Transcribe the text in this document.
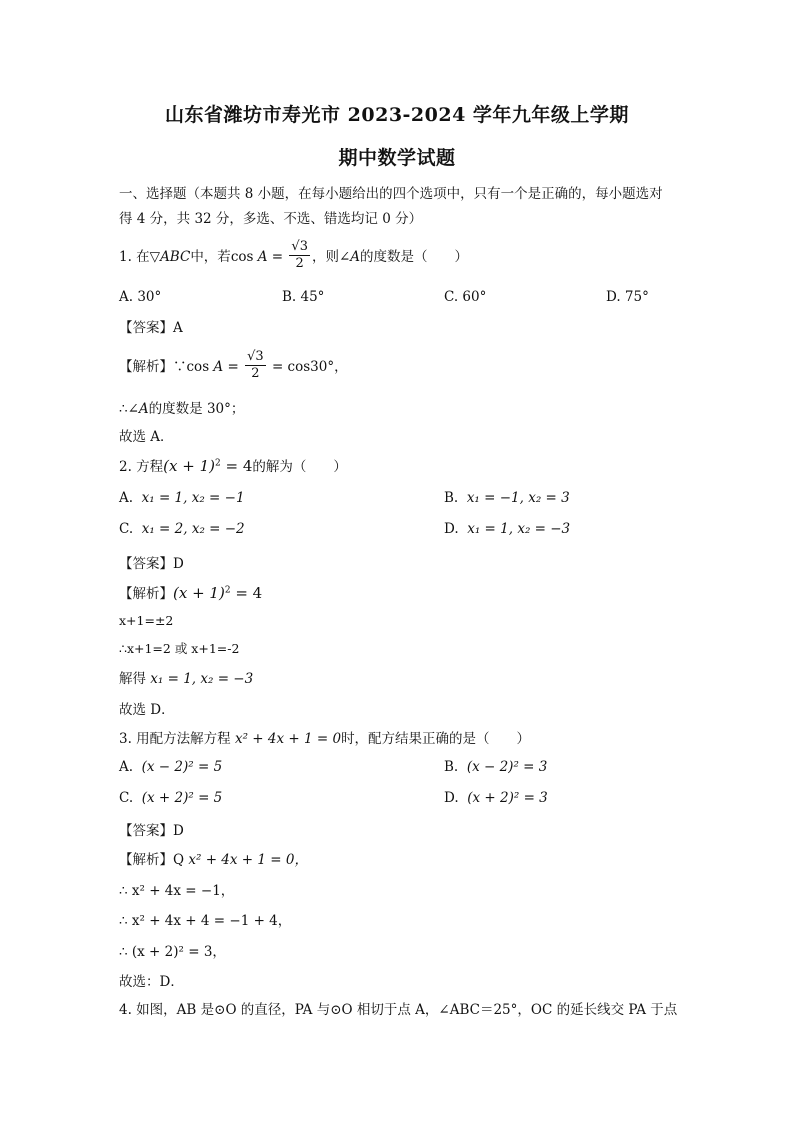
山东省潍坊市寿光市 2023-2024 学年九年级上学期
期中数学试题
一、选择题（本题共 8 小题，在每小题给出的四个选项中，只有一个是正确的，每小题选对
得 4 分，共 32 分，多选、不选、错选均记 0 分）
1. 在▽ABC中，若$\cos A = \frac{√3}{2}$ ，则∠A的度数是（　　）
A. 30°	B. 45°	C. 60°	D. 75°
【答案】A
【解析】∵cos $A = \frac{√3}{2} = \cos 30^\circ$，
∴∠A的度数是 30°；
故选 A．
2. 方程$(x + 1)^2 = 4$的解为（　　）
A. x₁ = 1, x₂ = −1	B. x₁ = −1, x₂ = 3
C. x₁ = 2, x₂ = −2	D. x₁ = 1, x₂ = −3
【答案】D
【解析】$(x + 1)^2 = 4$
x+1=±2
∴x+1=2 或 x+1=-2
解得 x₁ = 1, x₂ = −3
故选 D．
3. 用配方法解方程 x² + 4x + 1 = 0时，配方结果正确的是（　　）
A. (x − 2)² = 5	B. (x − 2)² = 3
C. (x + 2)² = 5	D. (x + 2)² = 3
【答案】D
【解析】Q x² + 4x + 1 = 0，
∴ x² + 4x = −1，
∴ x² + 4x + 4 = −1 + 4，
∴ (x + 2)² = 3，
故选：D．
4. 如图，AB 是⊙O 的直径，PA 与⊙O 相切于点 A，∠ABC＝25°，OC 的延长线交 PA 于点
